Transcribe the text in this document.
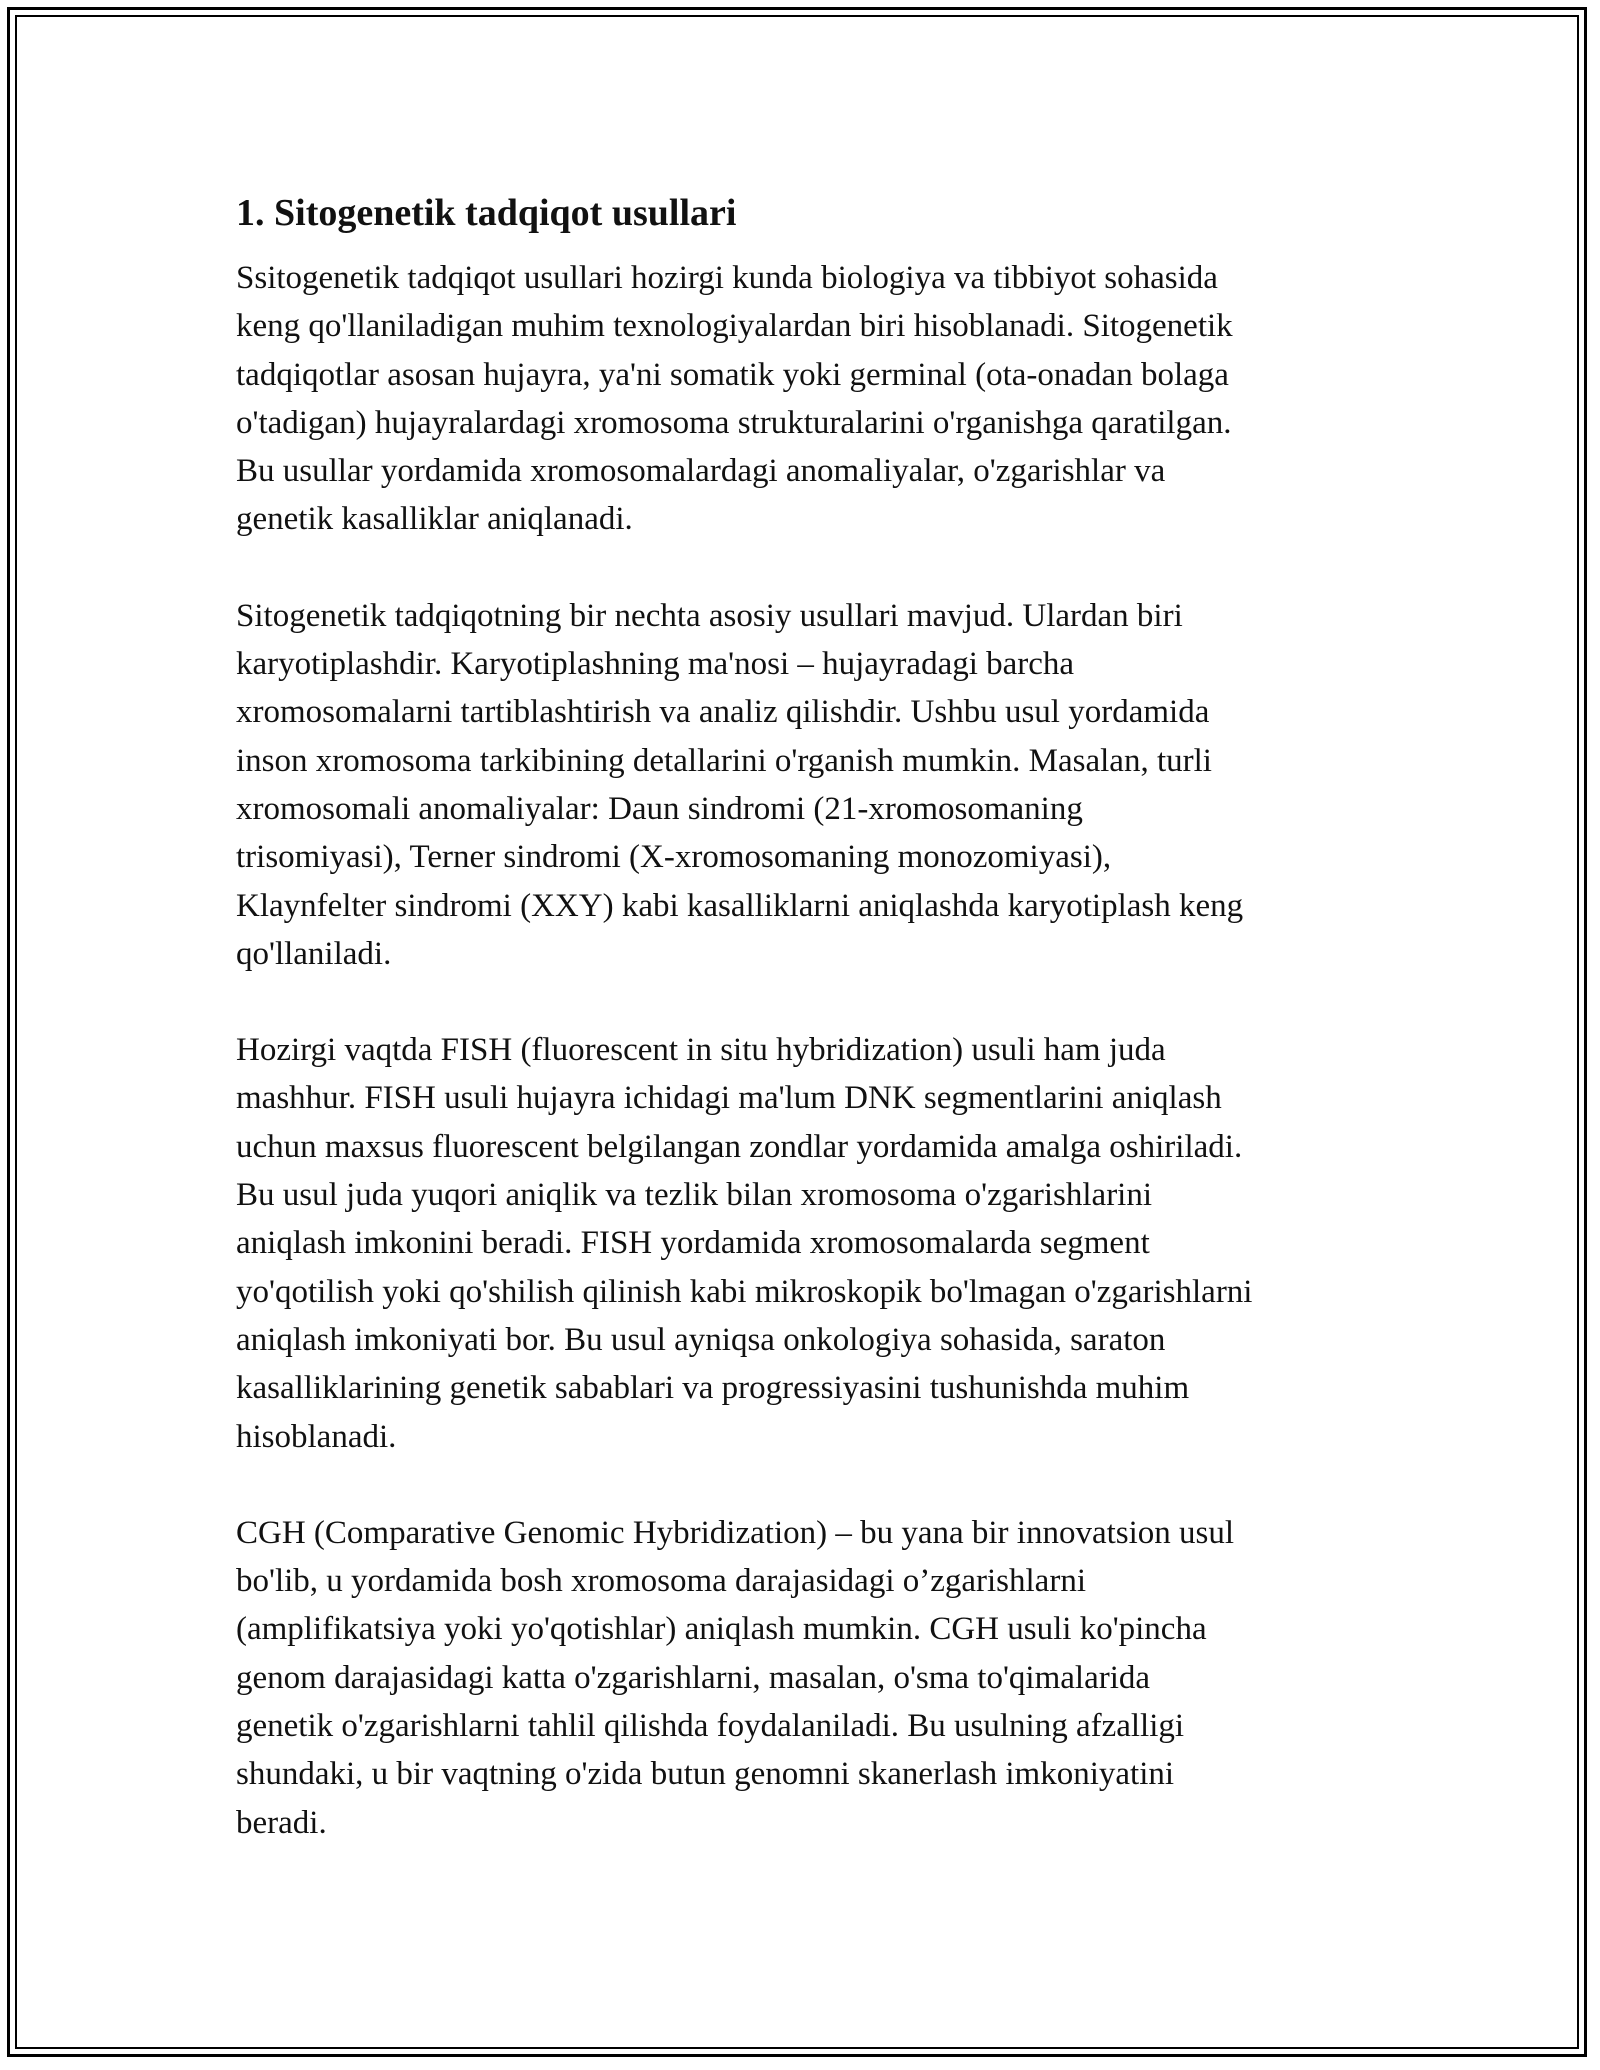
1. Sitogenetik tadqiqot usullari

Ssitogenetik tadqiqot usullari hozirgi kunda biologiya va tibbiyot sohasida
keng qo'llaniladigan muhim texnologiyalardan biri hisoblanadi. Sitogenetik
tadqiqotlar asosan hujayra, ya'ni somatik yoki germinal (ota-onadan bolaga
o'tadigan) hujayralardagi xromosoma strukturalarini o'rganishga qaratilgan.
Bu usullar yordamida xromosomalardagi anomaliyalar, o'zgarishlar va
genetik kasalliklar aniqlanadi.

Sitogenetik tadqiqotning bir nechta asosiy usullari mavjud. Ulardan biri
karyotiplashdir. Karyotiplashning ma'nosi – hujayradagi barcha
xromosomalarni tartiblashtirish va analiz qilishdir. Ushbu usul yordamida
inson xromosoma tarkibining detallarini o'rganish mumkin. Masalan, turli
xromosomali anomaliyalar: Daun sindromi (21-xromosomaning
trisomiyasi), Terner sindromi (X-xromosomaning monozomiyasi),
Klaynfelter sindromi (XXY) kabi kasalliklarni aniqlashda karyotiplash keng
qo'llaniladi.

Hozirgi vaqtda FISH (fluorescent in situ hybridization) usuli ham juda
mashhur. FISH usuli hujayra ichidagi ma'lum DNK segmentlarini aniqlash
uchun maxsus fluorescent belgilangan zondlar yordamida amalga oshiriladi.
Bu usul juda yuqori aniqlik va tezlik bilan xromosoma o'zgarishlarini
aniqlash imkonini beradi. FISH yordamida xromosomalarda segment
yo'qotilish yoki qo'shilish qilinish kabi mikroskopik bo'lmagan o'zgarishlarni
aniqlash imkoniyati bor. Bu usul ayniqsa onkologiya sohasida, saraton
kasalliklarining genetik sabablari va progressiyasini tushunishda muhim
hisoblanadi.

CGH (Comparative Genomic Hybridization) – bu yana bir innovatsion usul
bo'lib, u yordamida bosh xromosoma darajasidagi o’zgarishlarni
(amplifikatsiya yoki yo'qotishlar) aniqlash mumkin. CGH usuli ko'pincha
genom darajasidagi katta o'zgarishlarni, masalan, o'sma to'qimalarida
genetik o'zgarishlarni tahlil qilishda foydalaniladi. Bu usulning afzalligi
shundaki, u bir vaqtning o'zida butun genomni skanerlash imkoniyatini
beradi.
